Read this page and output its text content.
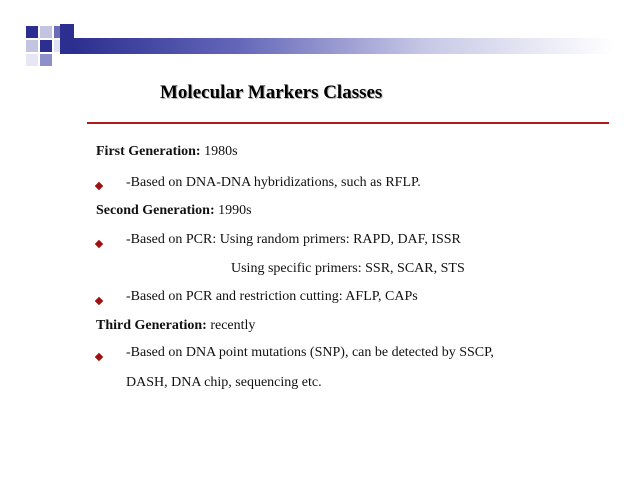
Molecular Markers Classes
First Generation: 1980s
-Based on DNA-DNA hybridizations, such as RFLP.
Second Generation: 1990s
-Based on PCR: Using random primers: RAPD, DAF, ISSR
Using specific primers: SSR, SCAR, STS
-Based on PCR and restriction cutting: AFLP, CAPs
Third Generation: recently
-Based on DNA point mutations (SNP), can be detected by SSCP,
DASH, DNA chip, sequencing etc.
